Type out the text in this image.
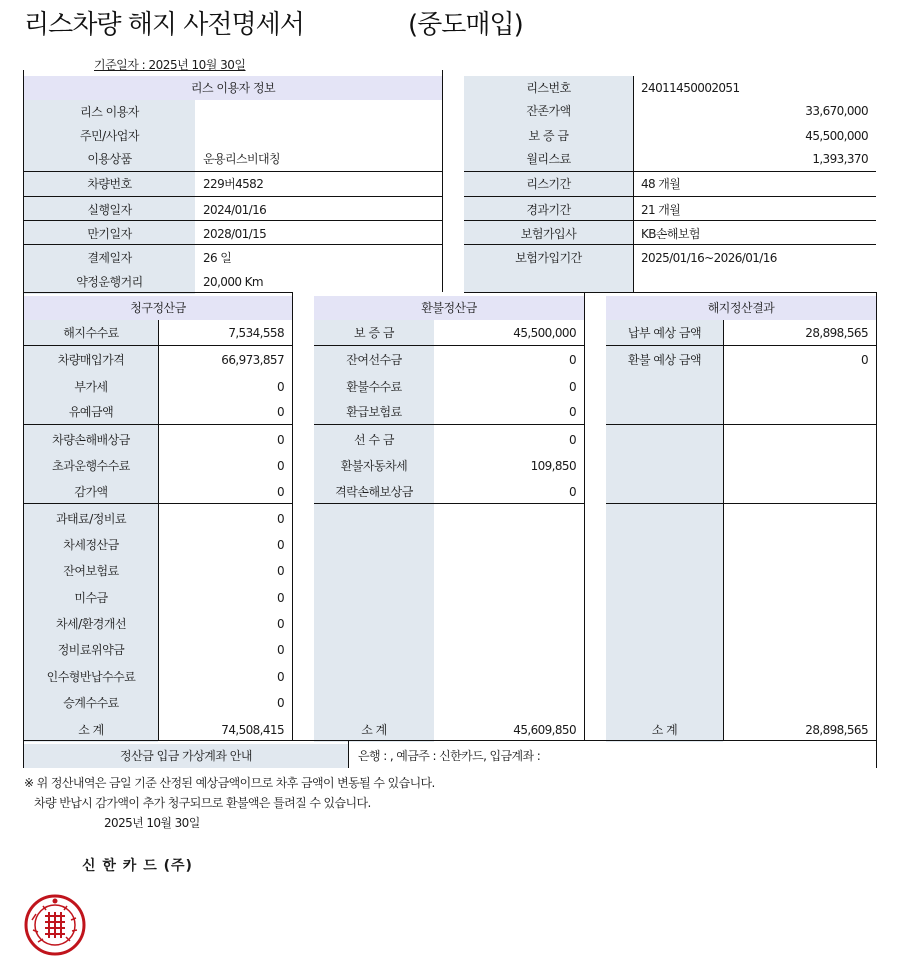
리스차량 해지 사전명세서	(중도매입)
기준일자 : 2025년 10월 30일
리스 이용자 정보
리스 이용자
주민/사업자
이용상품	운용리스비대칭
차량번호	229버4582
실행일자	2024/01/16
만기일자	2028/01/15
결제일자	26 일
약정운행거리	20,000 Km
리스번호	24011450002051
잔존가액	33,670,000
보 증 금	45,500,000
월리스료	1,393,370
리스기간	48 개월
경과기간	21 개월
보험가입사	KB손해보험
보험가입기간	2025/01/16~2026/01/16
청구정산금
해지수수료	7,534,558
차량매입가격	66,973,857
부가세	0
유예금액	0
차량손해배상금	0
초과운행수수료	0
감가액	0
과태료/정비료	0
차세정산금	0
잔여보험료	0
미수금	0
차세/환경개선	0
정비료위약금	0
인수형반납수수료	0
승계수수료	0
소 계	74,508,415
환불정산금
보 증 금	45,500,000
잔여선수금	0
환불수수료	0
환급보험료	0
선 수 금	0
환불자동차세	109,850
격락손해보상금	0
소 계	45,609,850
해지정산결과
납부 예상 금액	28,898,565
환불 예상 금액	0
소 계	28,898,565
정산금 입금 가상계좌 안내	은행 : , 예금주 : 신한카드, 입금계좌 :
※ 위 정산내역은 금일 기준 산정된 예상금액이므로 차후 금액이 변동될 수 있습니다.
차량 반납시 감가액이 추가 청구되므로 환불액은 틀려질 수 있습니다.
2025년 10월 30일
신 한 카 드 (주)
